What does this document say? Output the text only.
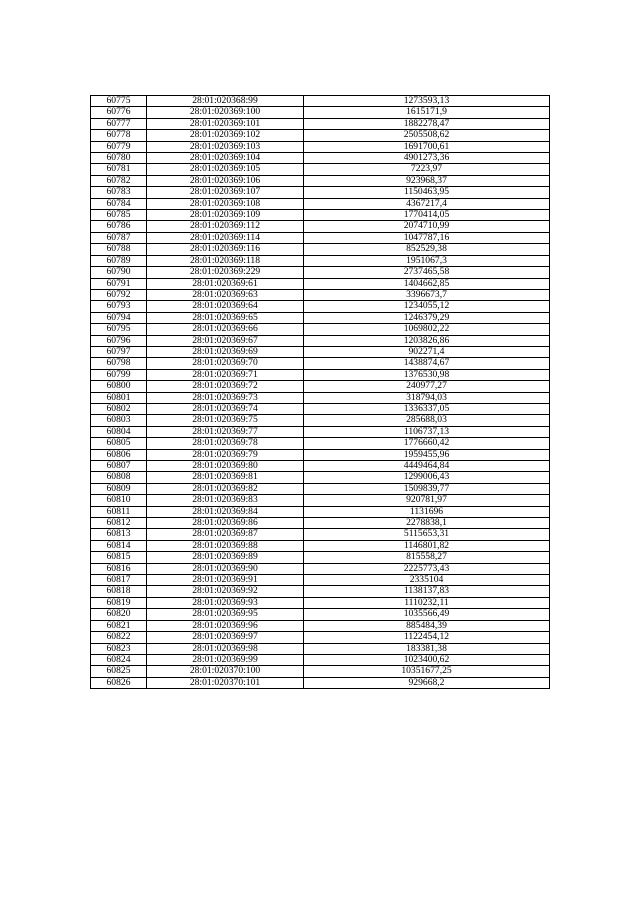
60775	28:01:020368:99	1273593,13
60776	28:01:020369:100	1615171,9
60777	28:01:020369:101	1882278,47
60778	28:01:020369:102	2505508,62
60779	28:01:020369:103	1691700,61
60780	28:01:020369:104	4901273,36
60781	28:01:020369:105	7223,97
60782	28:01:020369:106	923968,37
60783	28:01:020369:107	1150463,95
60784	28:01:020369:108	4367217,4
60785	28:01:020369:109	1770414,05
60786	28:01:020369:112	2074710,99
60787	28:01:020369:114	1047787,16
60788	28:01:020369:116	852529,38
60789	28:01:020369:118	1951067,3
60790	28:01:020369:229	2737465,58
60791	28:01:020369:61	1404662,85
60792	28:01:020369:63	3396673,7
60793	28:01:020369:64	1234055,12
60794	28:01:020369:65	1246379,29
60795	28:01:020369:66	1069802,22
60796	28:01:020369:67	1203826,86
60797	28:01:020369:69	902271,4
60798	28:01:020369:70	1438874,67
60799	28:01:020369:71	1376530,98
60800	28:01:020369:72	240977,27
60801	28:01:020369:73	318794,03
60802	28:01:020369:74	1336337,05
60803	28:01:020369:75	285688,03
60804	28:01:020369:77	1106737,13
60805	28:01:020369:78	1776660,42
60806	28:01:020369:79	1959455,96
60807	28:01:020369:80	4449464,84
60808	28:01:020369:81	1299006,43
60809	28:01:020369:82	1509839,77
60810	28:01:020369:83	920781,97
60811	28:01:020369:84	1131696
60812	28:01:020369:86	2278838,1
60813	28:01:020369:87	5115653,31
60814	28:01:020369:88	1146801,82
60815	28:01:020369:89	815558,27
60816	28:01:020369:90	2225773,43
60817	28:01:020369:91	2335104
60818	28:01:020369:92	1138137,83
60819	28:01:020369:93	1110232,11
60820	28:01:020369:95	1035566,49
60821	28:01:020369:96	885484,39
60822	28:01:020369:97	1122454,12
60823	28:01:020369:98	183381,38
60824	28:01:020369:99	1023400,62
60825	28:01:020370:100	10351677,25
60826	28:01:020370:101	929668,2
